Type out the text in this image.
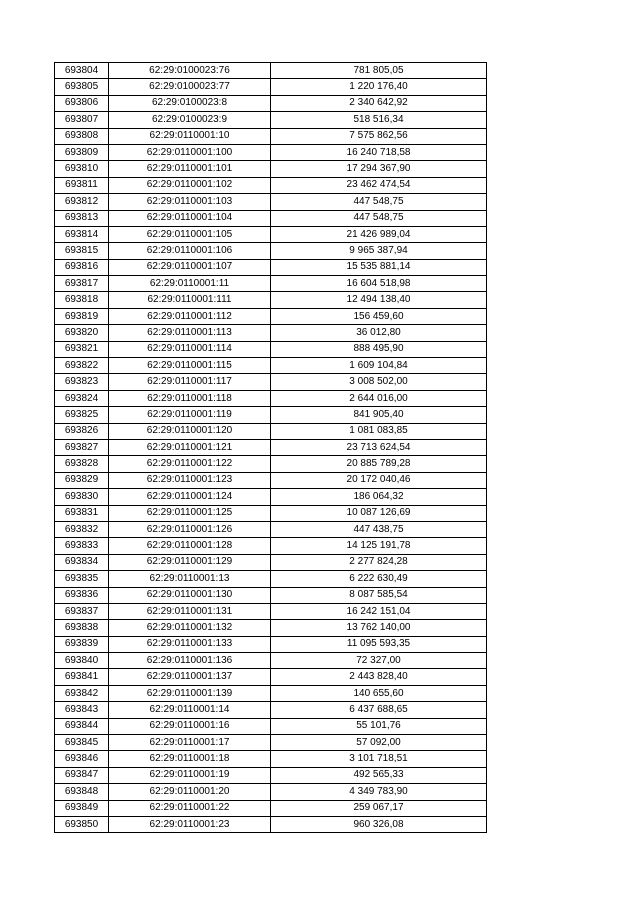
693804	62:29:0100023:76	781 805,05
693805	62:29:0100023:77	1 220 176,40
693806	62:29:0100023:8	2 340 642,92
693807	62:29:0100023:9	518 516,34
693808	62:29:0110001:10	7 575 862,56
693809	62:29:0110001:100	16 240 718,58
693810	62:29:0110001:101	17 294 367,90
693811	62:29:0110001:102	23 462 474,54
693812	62:29:0110001:103	447 548,75
693813	62:29:0110001:104	447 548,75
693814	62:29:0110001:105	21 426 989,04
693815	62:29:0110001:106	9 965 387,94
693816	62:29:0110001:107	15 535 881,14
693817	62:29:0110001:11	16 604 518,98
693818	62:29:0110001:111	12 494 138,40
693819	62:29:0110001:112	156 459,60
693820	62:29:0110001:113	36 012,80
693821	62:29:0110001:114	888 495,90
693822	62:29:0110001:115	1 609 104,84
693823	62:29:0110001:117	3 008 502,00
693824	62:29:0110001:118	2 644 016,00
693825	62:29:0110001:119	841 905,40
693826	62:29:0110001:120	1 081 083,85
693827	62:29:0110001:121	23 713 624,54
693828	62:29:0110001:122	20 885 789,28
693829	62:29:0110001:123	20 172 040,46
693830	62:29:0110001:124	186 064,32
693831	62:29:0110001:125	10 087 126,69
693832	62:29:0110001:126	447 438,75
693833	62:29:0110001:128	14 125 191,78
693834	62:29:0110001:129	2 277 824,28
693835	62:29:0110001:13	6 222 630,49
693836	62:29:0110001:130	8 087 585,54
693837	62:29:0110001:131	16 242 151,04
693838	62:29:0110001:132	13 762 140,00
693839	62:29:0110001:133	11 095 593,35
693840	62:29:0110001:136	72 327,00
693841	62:29:0110001:137	2 443 828,40
693842	62:29:0110001:139	140 655,60
693843	62:29:0110001:14	6 437 688,65
693844	62:29:0110001:16	55 101,76
693845	62:29:0110001:17	57 092,00
693846	62:29:0110001:18	3 101 718,51
693847	62:29:0110001:19	492 565,33
693848	62:29:0110001:20	4 349 783,90
693849	62:29:0110001:22	259 067,17
693850	62:29:0110001:23	960 326,08
